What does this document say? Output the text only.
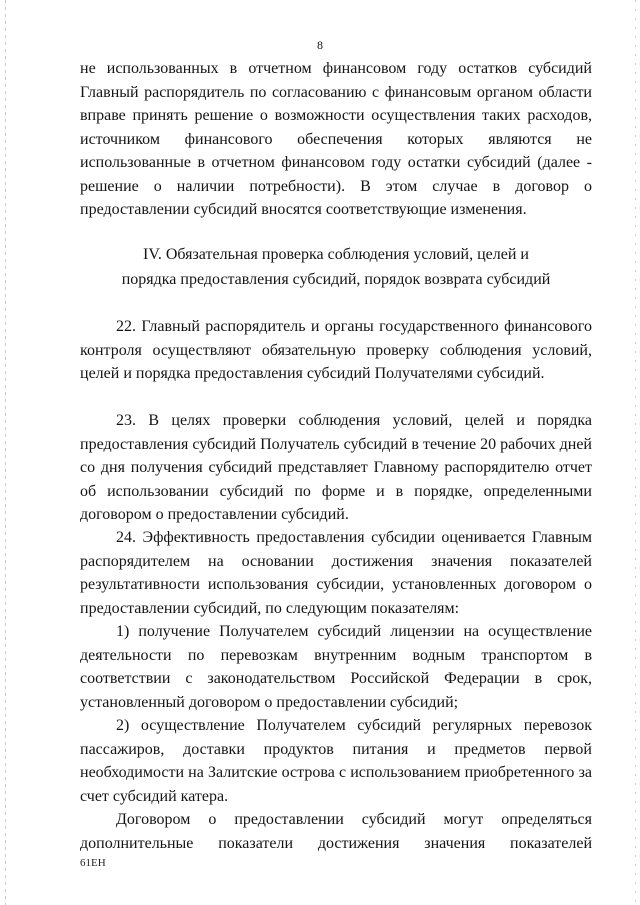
8

не использованных в отчетном финансовом году остатков субсидий Главный распорядитель по согласованию с финансовым органом области вправе принять решение о возможности осуществления таких расходов, источником финансового обеспечения которых являются не использованные в отчетном финансовом году остатки субсидий (далее - решение о наличии потребности). В этом случае в договор о предоставлении субсидий вносятся соответствующие изменения.

IV. Обязательная проверка соблюдения условий, целей и
порядка предоставления субсидий, порядок возврата субсидий

22. Главный распорядитель и органы государственного финансового контроля осуществляют обязательную проверку соблюдения условий, целей и порядка предоставления субсидий Получателями субсидий.

23. В целях проверки соблюдения условий, целей и порядка предоставления субсидий Получатель субсидий в течение 20 рабочих дней со дня получения субсидий представляет Главному распорядителю отчет об использовании субсидий по форме и в порядке, определенными договором о предоставлении субсидий.

24. Эффективность предоставления субсидии оценивается Главным распорядителем на основании достижения значения показателей результативности использования субсидии, установленных договором о предоставлении субсидий, по следующим показателям:

1) получение Получателем субсидий лицензии на осуществление деятельности по перевозкам внутренним водным транспортом в соответствии с законодательством Российской Федерации в срок, установленный договором о предоставлении субсидий;

2) осуществление Получателем субсидий регулярных перевозок пассажиров, доставки продуктов питания и предметов первой необходимости на Залитские острова с использованием приобретенного за счет субсидий катера.

Договором о предоставлении субсидий могут определяться дополнительные показатели достижения значения показателей

61ЕН
